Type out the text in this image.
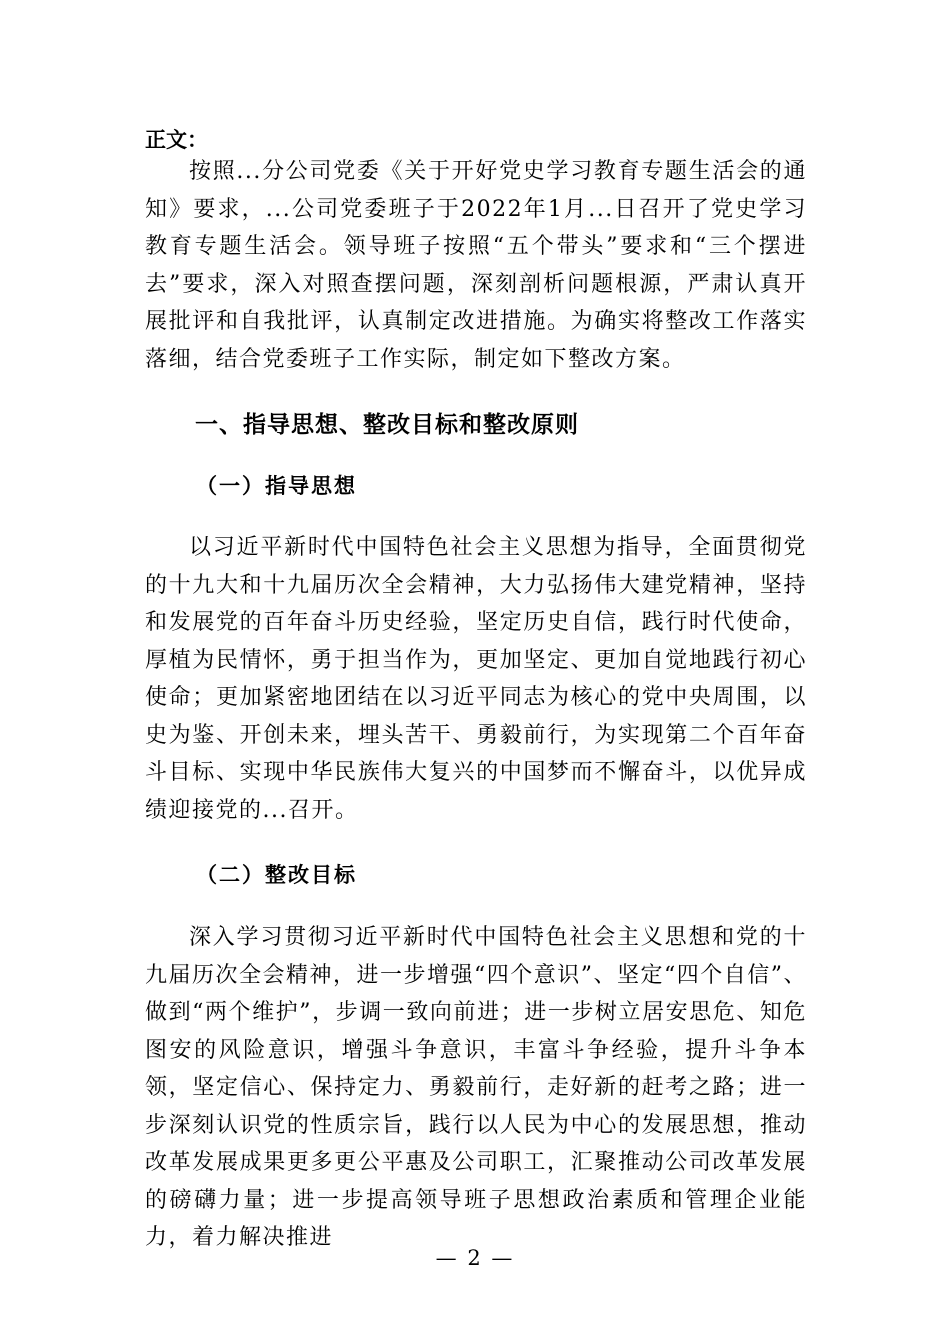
正文：

按照...分公司党委《关于开好党史学习教育专题生活会的通知》要求，...公司党委班子于2022年1月...日召开了党史学习教育专题生活会。领导班子按照“五个带头”要求和“三个摆进去”要求，深入对照查摆问题，深刻剖析问题根源，严肃认真开展批评和自我批评，认真制定改进措施。为确实将整改工作落实落细，结合党委班子工作实际，制定如下整改方案。

一、指导思想、整改目标和整改原则
（一）指导思想

以习近平新时代中国特色社会主义思想为指导，全面贯彻党的十九大和十九届历次全会精神，大力弘扬伟大建党精神，坚持和发展党的百年奋斗历史经验，坚定历史自信，践行时代使命，厚植为民情怀，勇于担当作为，更加坚定、更加自觉地践行初心使命；更加紧密地团结在以习近平同志为核心的党中央周围，以史为鉴、开创未来，埋头苦干、勇毅前行，为实现第二个百年奋斗目标、实现中华民族伟大复兴的中国梦而不懈奋斗，以优异成绩迎接党的...召开。

（二）整改目标

深入学习贯彻习近平新时代中国特色社会主义思想和党的十九届历次全会精神，进一步增强“四个意识”、坚定“四个自信”、做到“两个维护”，步调一致向前进；进一步树立居安思危、知危图安的风险意识，增强斗争意识，丰富斗争经验，提升斗争本领，坚定信心、保持定力、勇毅前行，走好新的赶考之路；进一步深刻认识党的性质宗旨，践行以人民为中心的发展思想，推动改革发展成果更多更公平惠及公司职工，汇聚推动公司改革发展的磅礴力量；进一步提高领导班子思想政治素质和管理企业能力，着力解决推进

— 2 —
